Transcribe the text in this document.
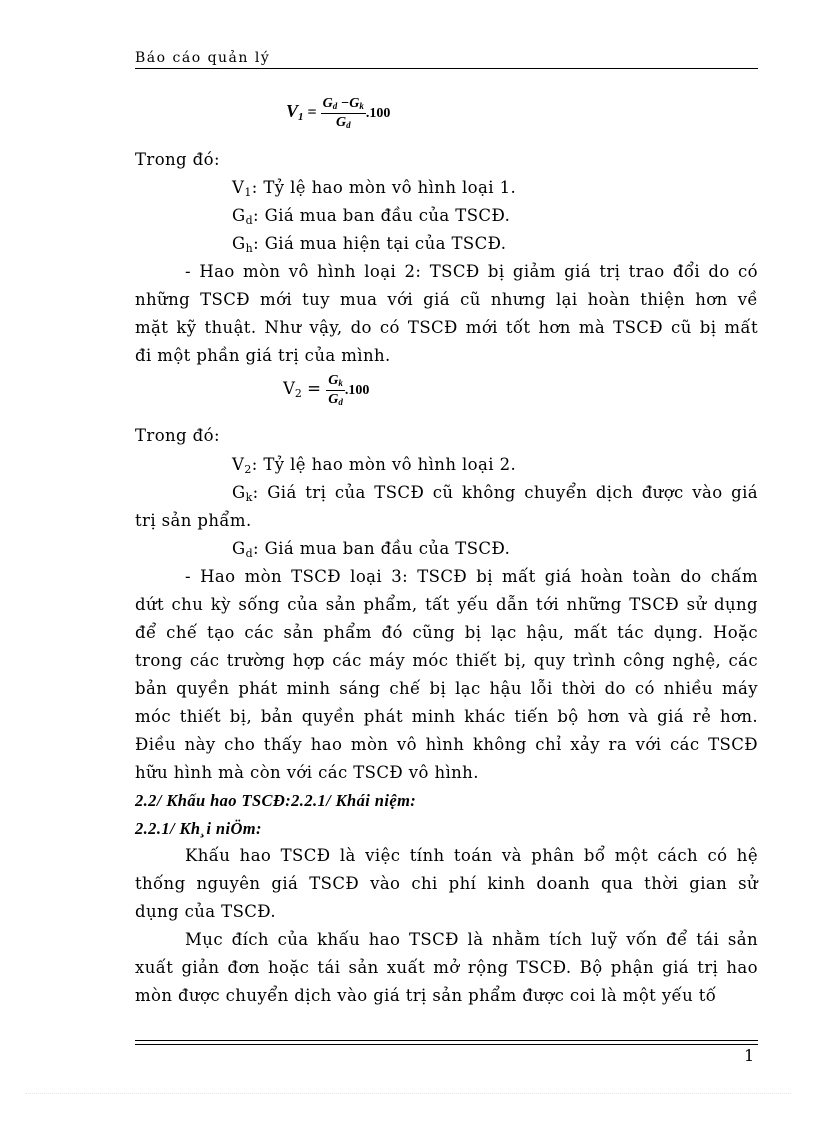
Báo cáo quản lý
$V_1 = \frac{G_d -G_k}{G_d} .100$
Trong đó:
$V_1$: Tỷ lệ hao mòn vô hình loại 1.
$G_d$: Giá mua ban đầu của TSCĐ.
$G_h$: Giá mua hiện tại của TSCĐ.
- Hao mòn vô hình loại 2: TSCĐ bị giảm giá trị trao đổi do có
những TSCĐ mới tuy mua với giá cũ nhưng lại hoàn thiện hơn về
mặt kỹ thuật. Như vậy, do có TSCĐ mới tốt hơn mà TSCĐ cũ bị mất
đi một phần giá trị của mình.
Trong đó:
$V_2$: Tỷ lệ hao mòn vô hình loại 2.
$G_k$: Giá trị của TSCĐ cũ không chuyển dịch được vào giá
trị sản phẩm.
$G_d$: Giá mua ban đầu của TSCĐ.
- Hao mòn TSCĐ loại 3: TSCĐ bị mất giá hoàn toàn do chấm
dứt chu kỳ sống của sản phẩm, tất yếu dẫn tới những TSCĐ sử dụng
để chế tạo các sản phẩm đó cũng bị lạc hậu, mất tác dụng. Hoặc
trong các trường hợp các máy móc thiết bị, quy trình công nghệ, các
bản quyền phát minh sáng chế bị lạc hậu lỗi thời do có nhiều máy
móc thiết bị, bản quyền phát minh khác tiến bộ hơn và giá rẻ hơn.
Điều này cho thấy hao mòn vô hình không chỉ xảy ra với các TSCĐ
hữu hình mà còn với các TSCĐ vô hình.
2.2/ Khấu hao TSCĐ:2.2.1/ Khái niệm:
2.2.1/ Kh¸i niÖm:
Khấu hao TSCĐ là việc tính toán và phân bổ một cách có hệ
thống nguyên giá TSCĐ vào chi phí kinh doanh qua thời gian sử
dụng của TSCĐ.
Mục đích của khấu hao TSCĐ là nhằm tích luỹ vốn để tái sản
xuất giản đơn hoặc tái sản xuất mở rộng TSCĐ. Bộ phận giá trị hao
mòn được chuyển dịch vào giá trị sản phẩm được coi là một yếu tố
$V_2 = \frac{G_k}{G_d} .100$
1
